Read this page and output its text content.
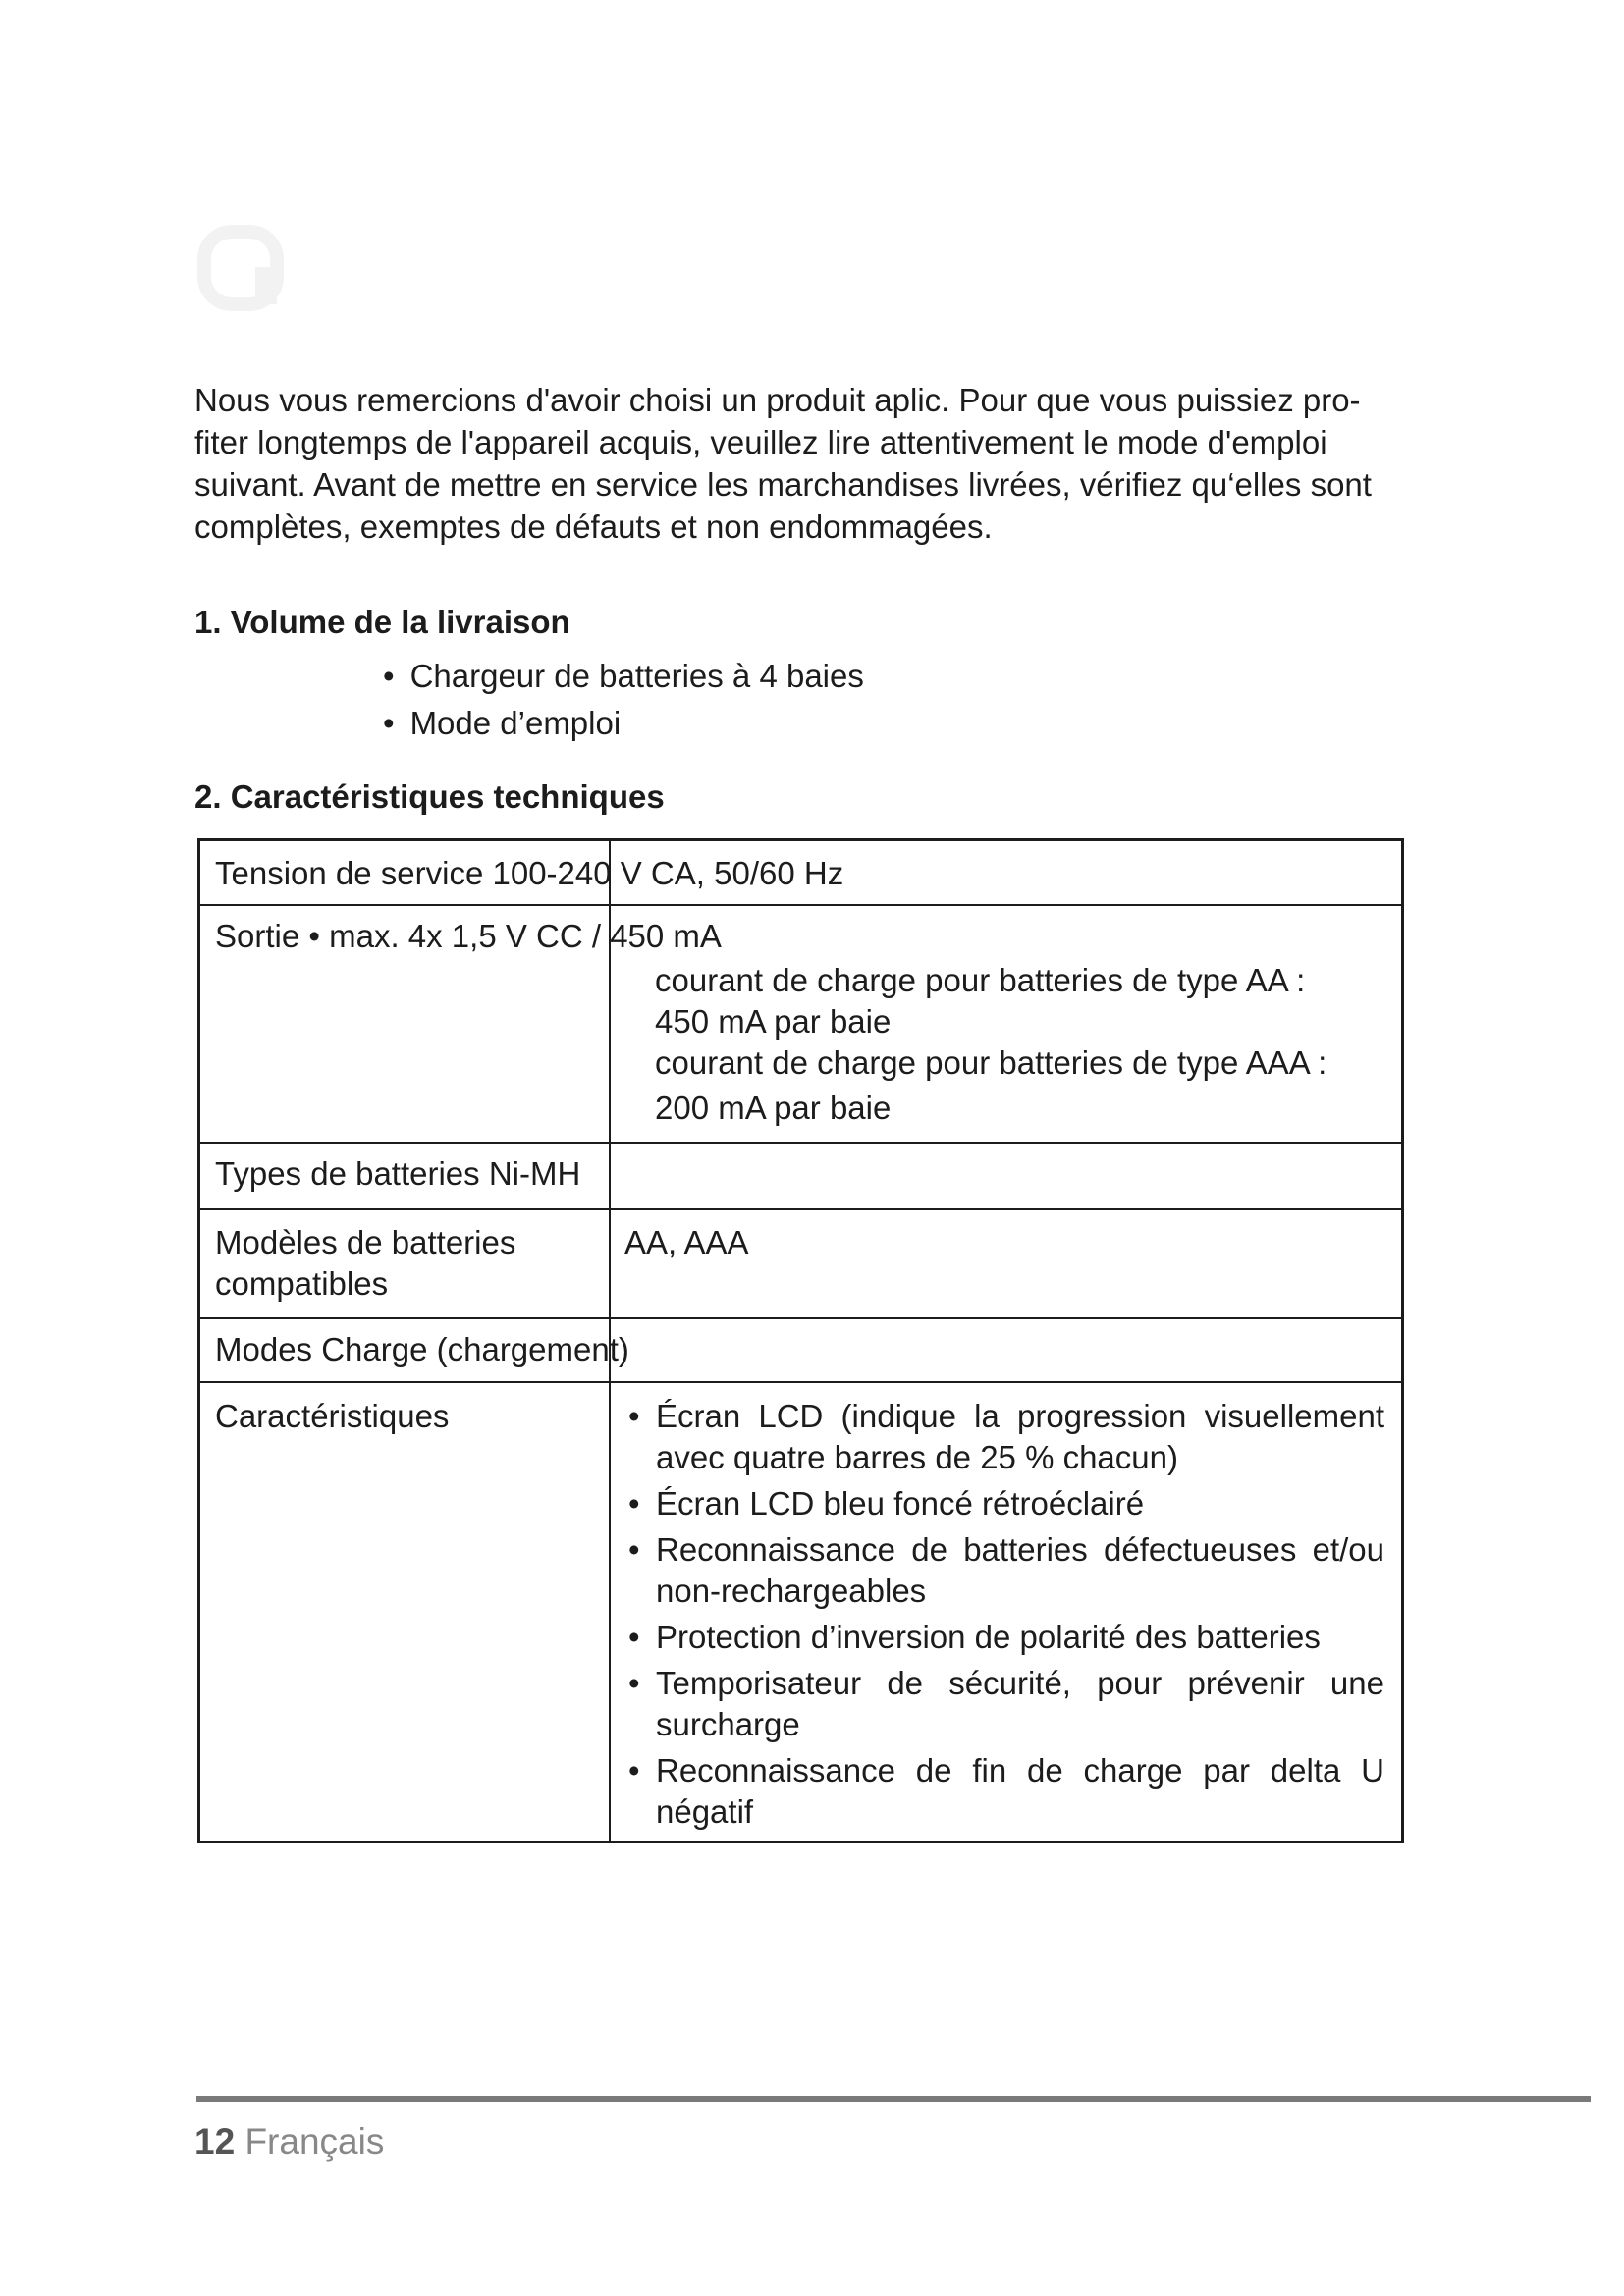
Nous vous remercions d'avoir choisi un produit aplic. Pour que vous puissiez pro-
fiter longtemps de l'appareil acquis, veuillez lire attentivement le mode d'emploi
suivant. Avant de mettre en service les marchandises livrées, vérifiez qu‘elles sont
complètes, exemptes de défauts et non endommagées.

1. Volume de la livraison
• Chargeur de batteries à 4 baies
• Mode d’emploi
2. Caractéristiques techniques
Tension de service 100-240 V CA, 50/60 Hz
Sortie • max. 4x 1,5 V CC / 450 mA
courant de charge pour batteries de type AA :
450 mA par baie
courant de charge pour batteries de type AAA :
200 mA par baie
Types de batteries Ni-MH
Modèles de batteries
compatibles
AA, AAA
Modes Charge (chargement)
Caractéristiques
•	Écran LCD (indique la progression visuellement avec quatre barres de 25 % chacun)
• Écran LCD bleu foncé rétroéclairé
• Reconnaissance de batteries défectueuses et/ou non-rechargeables
• Protection d’inversion de polarité des batteries
• Temporisateur de sécurité, pour prévenir une surcharge
• Reconnaissance de fin de charge par delta U négatif
12 Français
